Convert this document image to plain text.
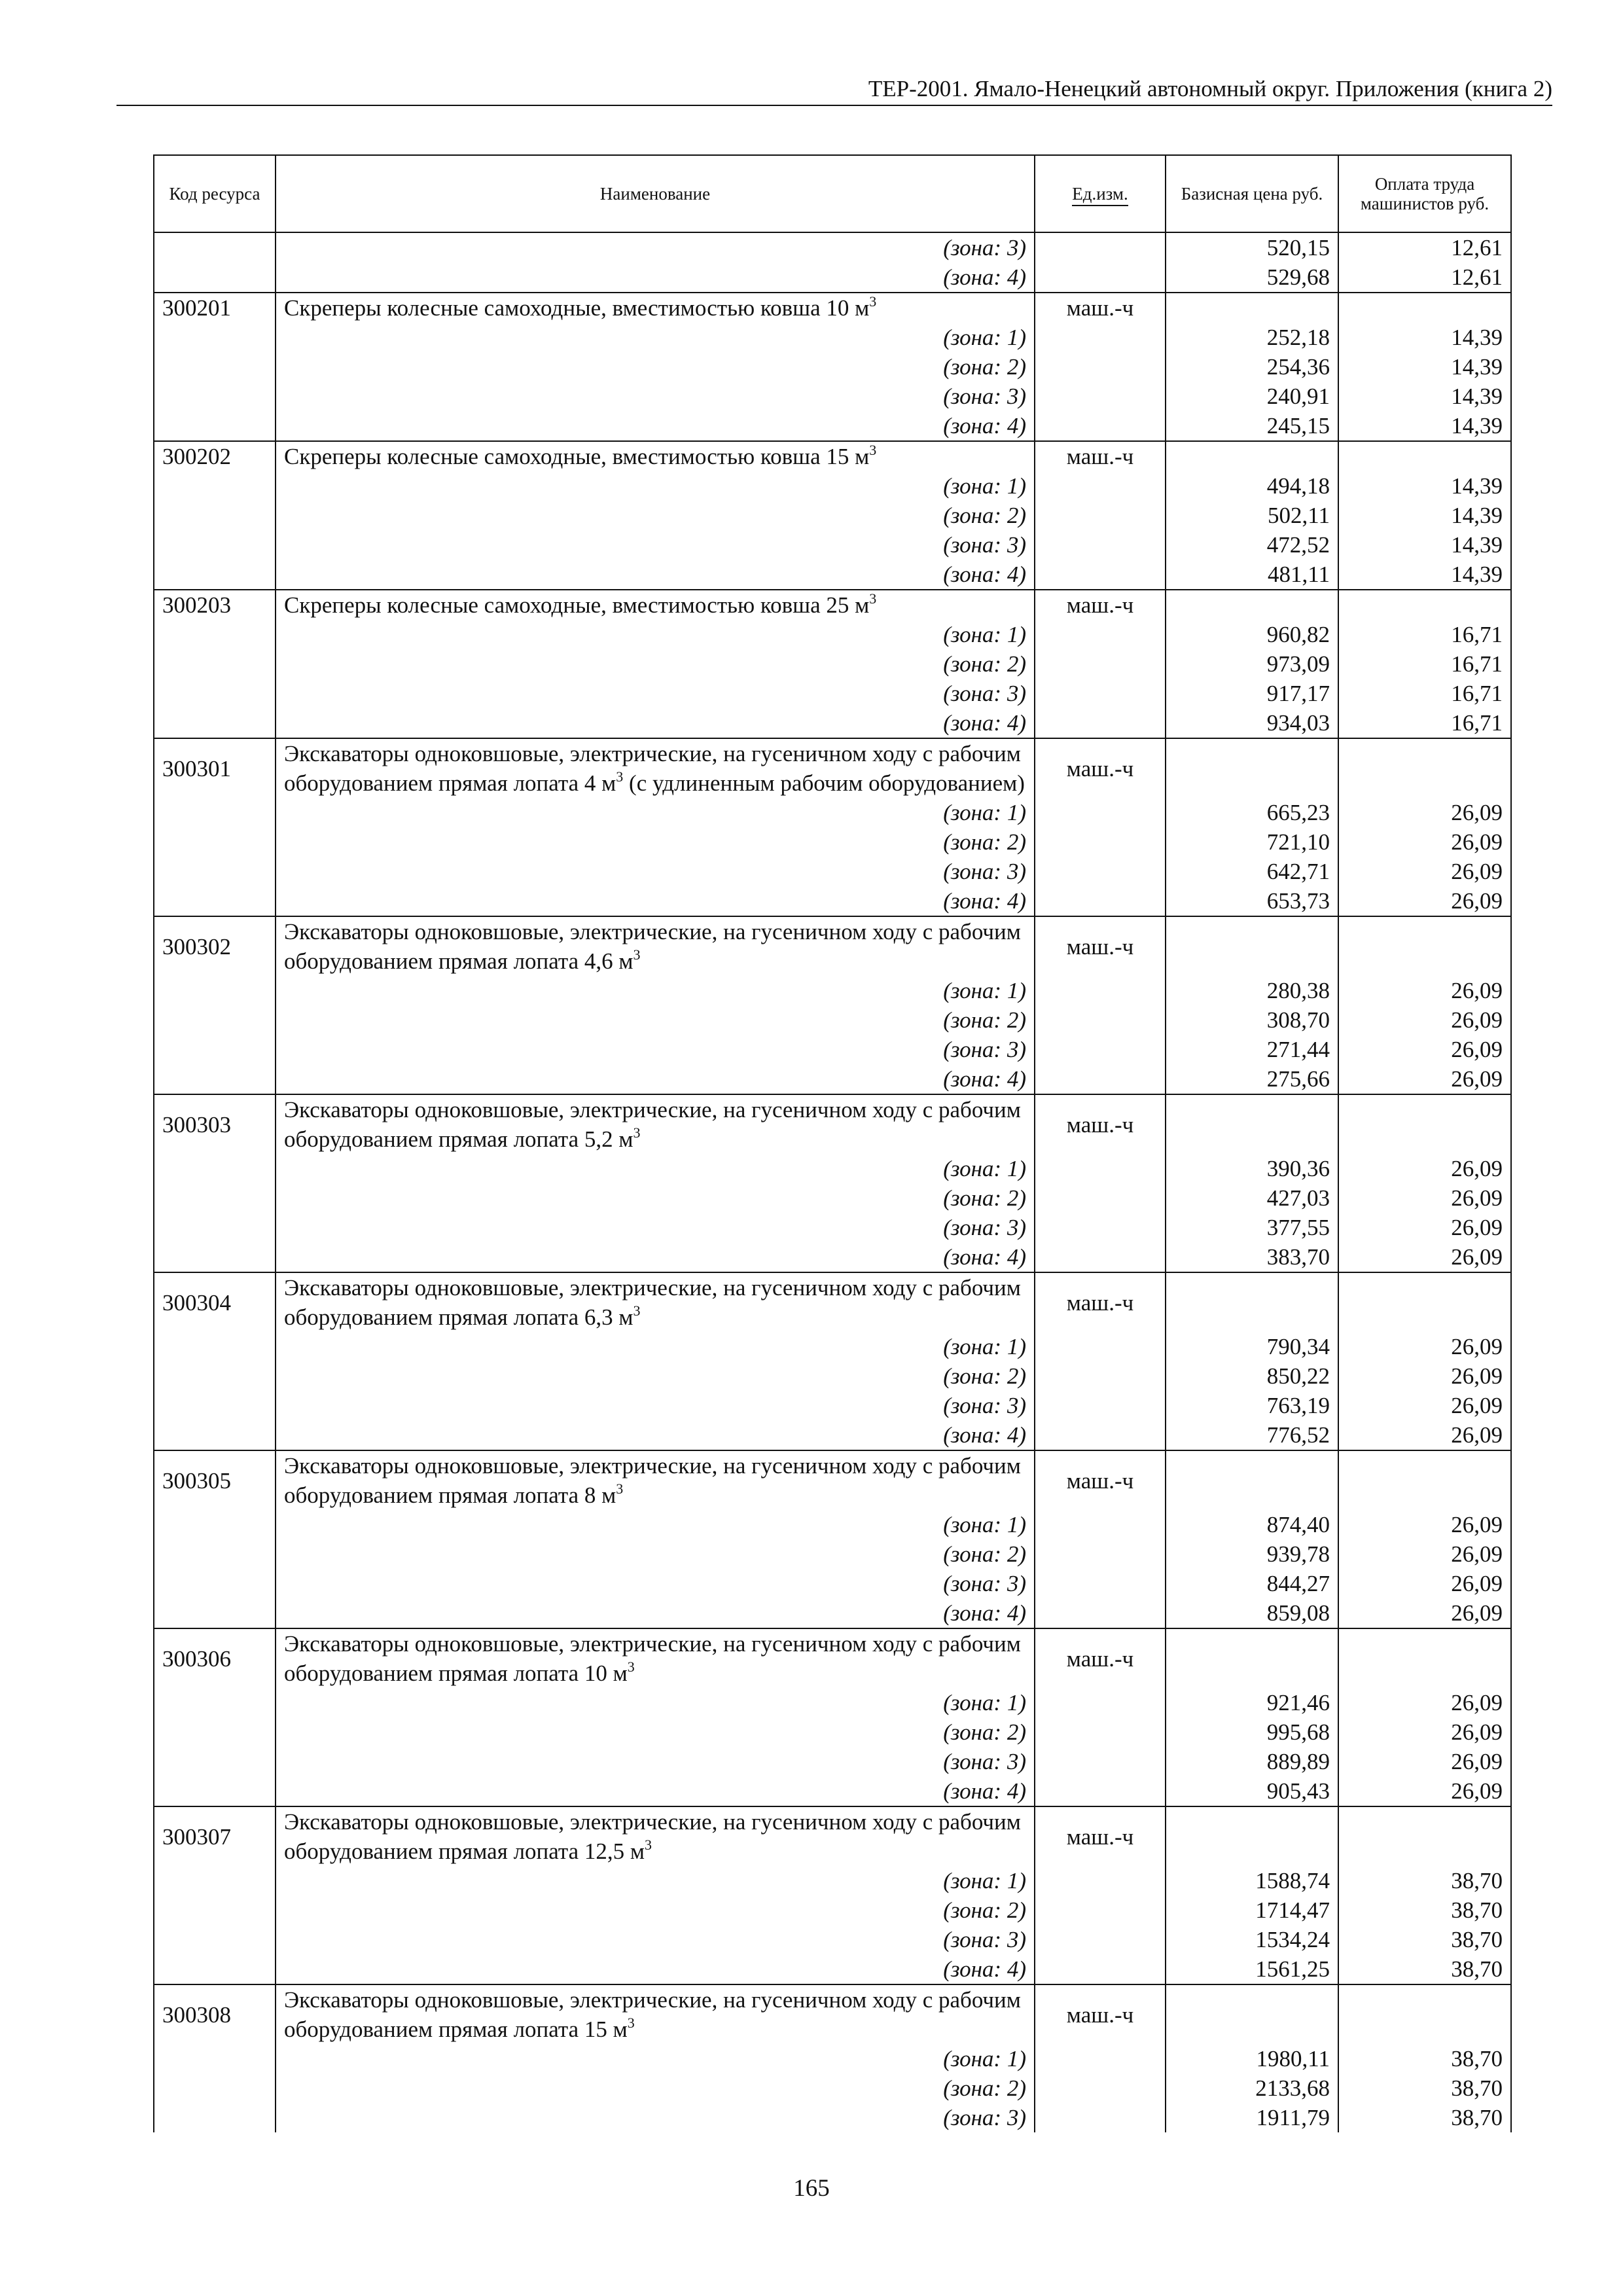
ТЕР-2001. Ямало-Ненецкий автономный округ. Приложения (книга 2)
Код ресурса	Наименование	Ед.изм.	Базисная цена руб.	Оплата труда машинистов руб.
	(зона: 3)		520,15	12,61
	(зона: 4)		529,68	12,61
300201	Скреперы колесные самоходные, вместимостью ковша 10 $м^3$	маш.-ч		
	(зона: 1)		252,18	14,39
	(зона: 2)		254,36	14,39
	(зона: 3)		240,91	14,39
	(зона: 4)		245,15	14,39
300202	Скреперы колесные самоходные, вместимостью ковша 15 $м^3$	маш.-ч		
	(зона: 1)		494,18	14,39
	(зона: 2)		502,11	14,39
	(зона: 3)		472,52	14,39
	(зона: 4)		481,11	14,39
300203	Скреперы колесные самоходные, вместимостью ковша 25 $м^3$	маш.-ч		
	(зона: 1)		960,82	16,71
	(зона: 2)		973,09	16,71
	(зона: 3)		917,17	16,71
	(зона: 4)		934,03	16,71
300301	Экскаваторы одноковшовые, электрические, на гусеничном ходу с рабочим оборудованием прямая лопата 4 $м^3$ (с удлиненным рабочим оборудованием)	маш.-ч		
	(зона: 1)		665,23	26,09
	(зона: 2)		721,10	26,09
	(зона: 3)		642,71	26,09
	(зона: 4)		653,73	26,09
300302	Экскаваторы одноковшовые, электрические, на гусеничном ходу с рабочим оборудованием прямая лопата 4,6 $м^3$	маш.-ч		
	(зона: 1)		280,38	26,09
	(зона: 2)		308,70	26,09
	(зона: 3)		271,44	26,09
	(зона: 4)		275,66	26,09
300303	Экскаваторы одноковшовые, электрические, на гусеничном ходу с рабочим оборудованием прямая лопата 5,2 $м^3$	маш.-ч		
	(зона: 1)		390,36	26,09
	(зона: 2)		427,03	26,09
	(зона: 3)		377,55	26,09
	(зона: 4)		383,70	26,09
300304	Экскаваторы одноковшовые, электрические, на гусеничном ходу с рабочим оборудованием прямая лопата 6,3 $м^3$	маш.-ч		
	(зона: 1)		790,34	26,09
	(зона: 2)		850,22	26,09
	(зона: 3)		763,19	26,09
	(зона: 4)		776,52	26,09
300305	Экскаваторы одноковшовые, электрические, на гусеничном ходу с рабочим оборудованием прямая лопата 8 $м^3$	маш.-ч		
	(зона: 1)		874,40	26,09
	(зона: 2)		939,78	26,09
	(зона: 3)		844,27	26,09
	(зона: 4)		859,08	26,09
300306	Экскаваторы одноковшовые, электрические, на гусеничном ходу с рабочим оборудованием прямая лопата 10 $м^3$	маш.-ч		
	(зона: 1)		921,46	26,09
	(зона: 2)		995,68	26,09
	(зона: 3)		889,89	26,09
	(зона: 4)		905,43	26,09
300307	Экскаваторы одноковшовые, электрические, на гусеничном ходу с рабочим оборудованием прямая лопата 12,5 $м^3$	маш.-ч		
	(зона: 1)		1588,74	38,70
	(зона: 2)		1714,47	38,70
	(зона: 3)		1534,24	38,70
	(зона: 4)		1561,25	38,70
300308	Экскаваторы одноковшовые, электрические, на гусеничном ходу с рабочим оборудованием прямая лопата 15 $м^3$	маш.-ч		
	(зона: 1)		1980,11	38,70
	(зона: 2)		2133,68	38,70
	(зона: 3)		1911,79	38,70
165
